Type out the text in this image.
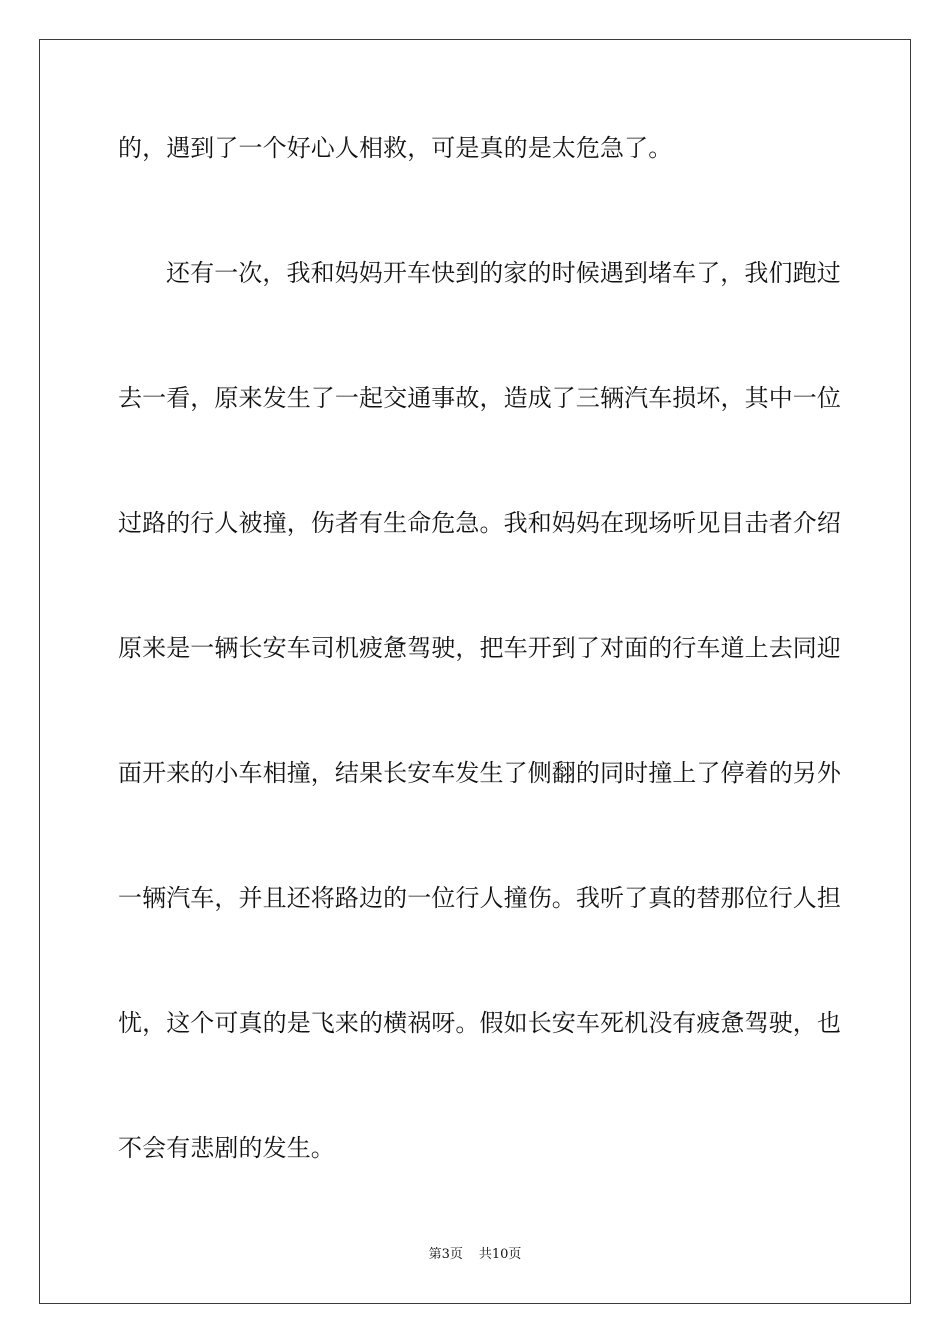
的，遇到了一个好心人相救，可是真的是太危急了。
还有一次，我和妈妈开车快到的家的时候遇到堵车了，我们跑过
去一看，原来发生了一起交通事故，造成了三辆汽车损坏，其中一位
过路的行人被撞，伤者有生命危急。我和妈妈在现场听见目击者介绍
原来是一辆长安车司机疲惫驾驶，把车开到了对面的行车道上去同迎
面开来的小车相撞，结果长安车发生了侧翻的同时撞上了停着的另外
一辆汽车，并且还将路边的一位行人撞伤。我听了真的替那位行人担
忧，这个可真的是飞来的横祸呀。假如长安车死机没有疲惫驾驶，也
不会有悲剧的发生。
第3页 共10页
